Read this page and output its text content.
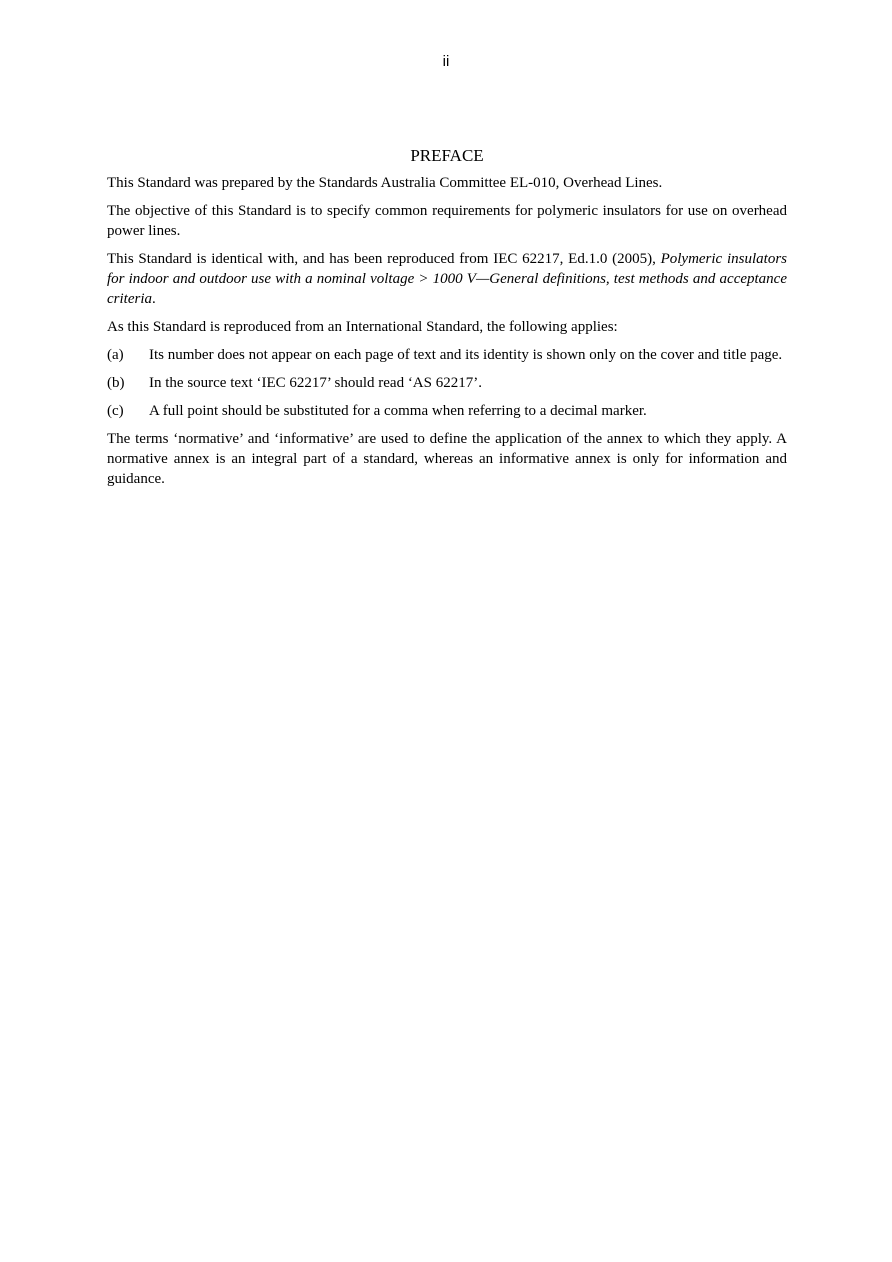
ii
PREFACE

This Standard was prepared by the Standards Australia Committee EL-010, Overhead Lines.

The objective of this Standard is to specify common requirements for polymeric insulators for use on overhead power lines.

This Standard is identical with, and has been reproduced from IEC 62217, Ed.1.0 (2005), Polymeric insulators for indoor and outdoor use with a nominal voltage > 1000 V—General definitions, test methods and acceptance criteria.

As this Standard is reproduced from an International Standard, the following applies:

(a)	Its number does not appear on each page of text and its identity is shown only on the cover and title page.
(b)	In the source text ‘IEC 62217’ should read ‘AS 62217’.
(c)	A full point should be substituted for a comma when referring to a decimal marker.

The terms ‘normative’ and ‘informative’ are used to define the application of the annex to which they apply. A normative annex is an integral part of a standard, whereas an informative annex is only for information and guidance.
